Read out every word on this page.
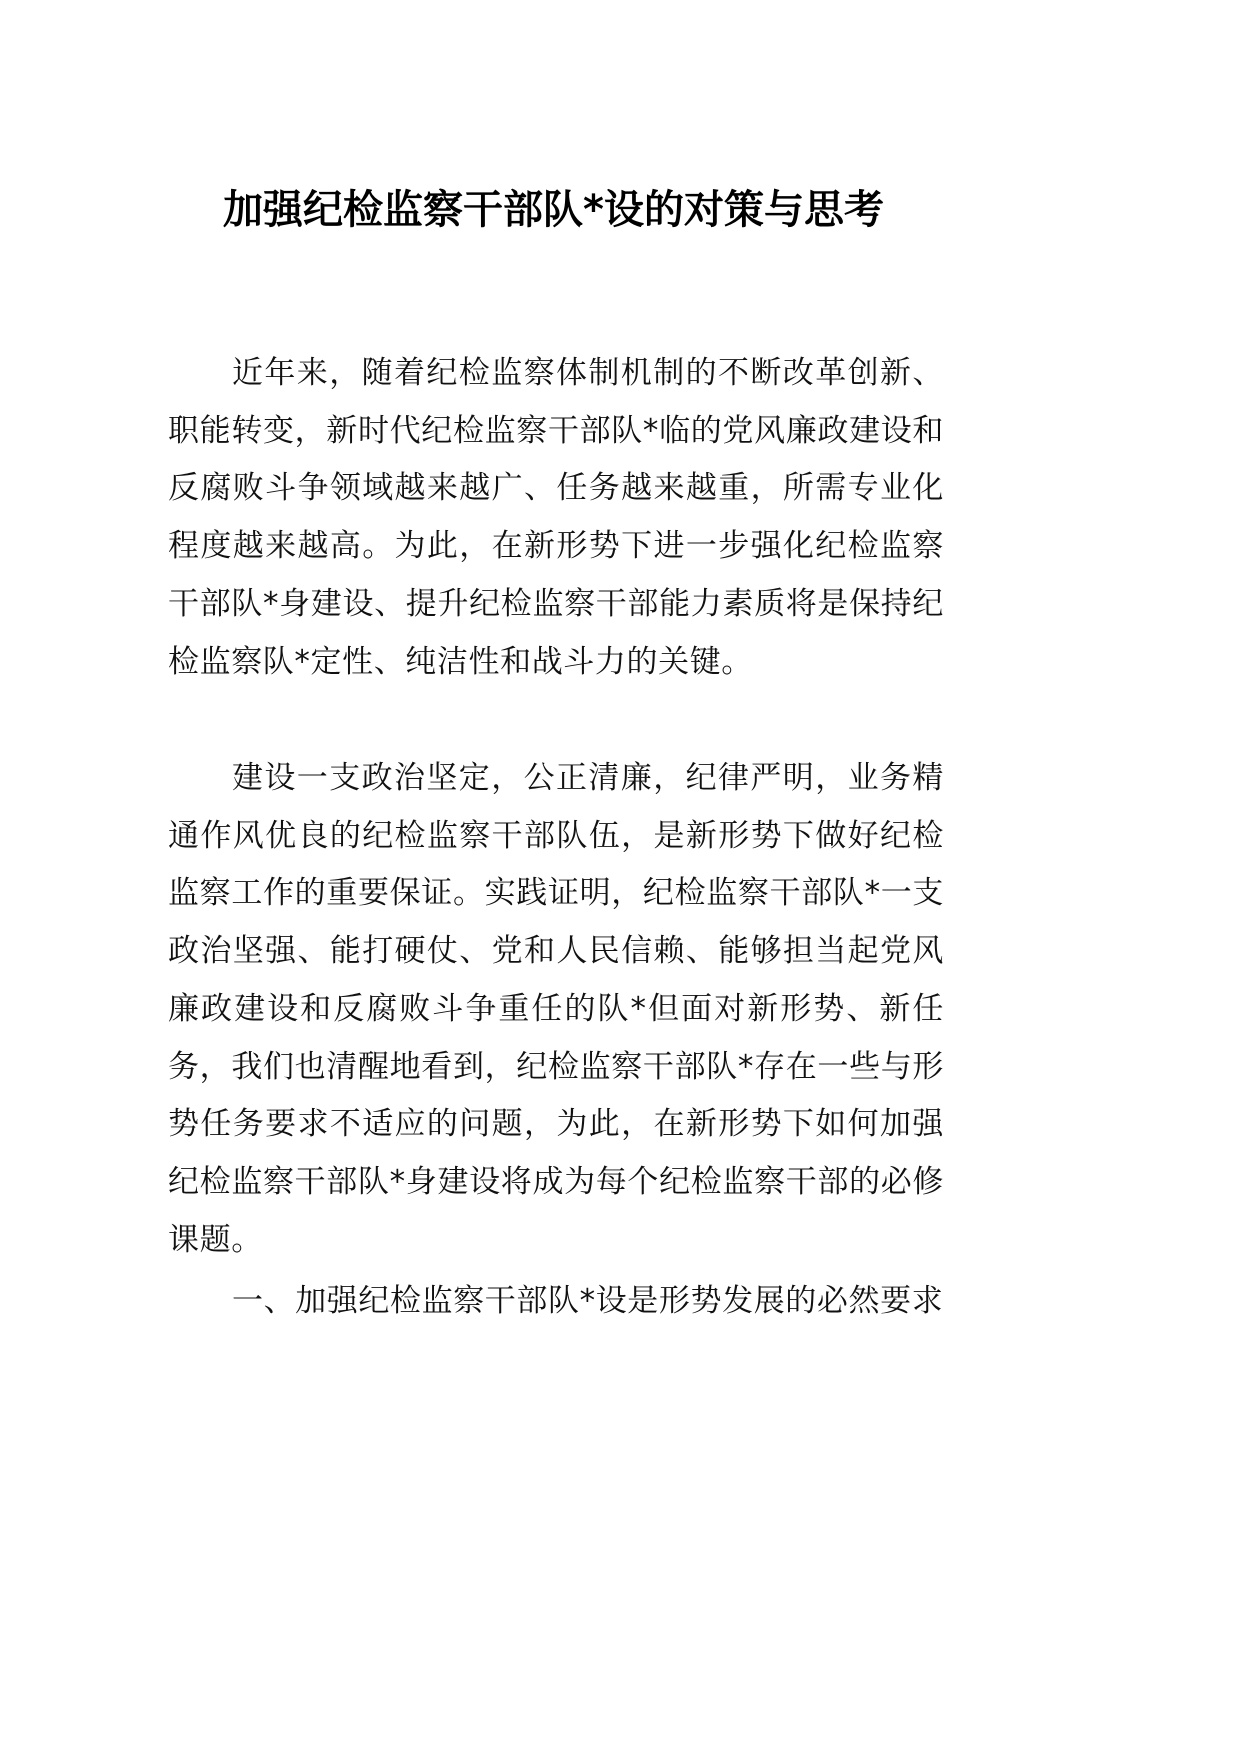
加强纪检监察干部队*设的对策与思考

近年来，随着纪检监察体制机制的不断改革创新、职能转变，新时代纪检监察干部队*临的党风廉政建设和反腐败斗争领域越来越广、任务越来越重，所需专业化程度越来越高。为此，在新形势下进一步强化纪检监察干部队*身建设、提升纪检监察干部能力素质将是保持纪检监察队*定性、纯洁性和战斗力的关键。

建设一支政治坚定，公正清廉，纪律严明，业务精通作风优良的纪检监察干部队伍，是新形势下做好纪检监察工作的重要保证。实践证明，纪检监察干部队*一支政治坚强、能打硬仗、党和人民信赖、能够担当起党风廉政建设和反腐败斗争重任的队*但面对新形势、新任务，我们也清醒地看到，纪检监察干部队*存在一些与形势任务要求不适应的问题，为此，在新形势下如何加强纪检监察干部队*身建设将成为每个纪检监察干部的必修课题。

一、加强纪检监察干部队*设是形势发展的必然要求
